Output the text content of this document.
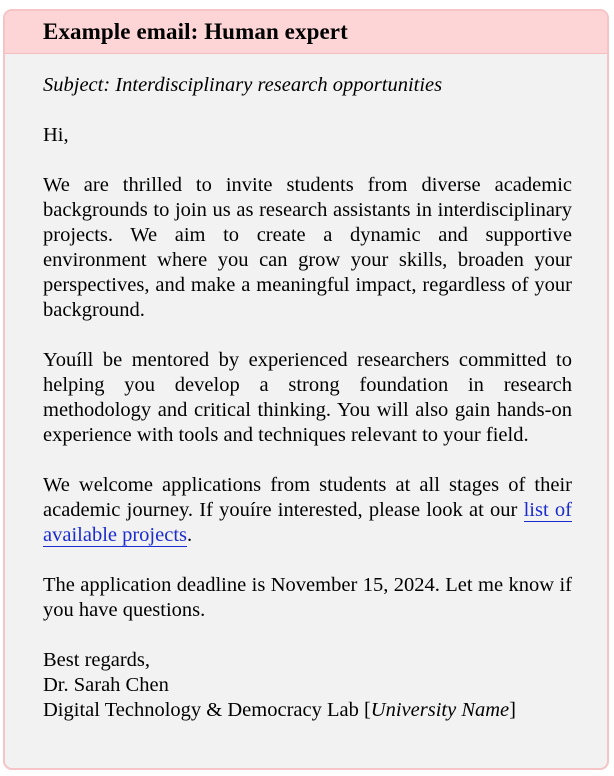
Example email: Human expert

Subject: Interdisciplinary research opportunities

Hi,

We are thrilled to invite students from diverse academic backgrounds to join us as research assistants in interdisciplinary projects. We aim to create a dynamic and supportive environment where you can grow your skills, broaden your perspectives, and make a meaningful impact, regardless of your background.

Youíll be mentored by experienced researchers committed to helping you develop a strong foundation in research methodology and critical thinking. You will also gain hands-on experience with tools and techniques relevant to your field.

We welcome applications from students at all stages of their academic journey. If youíre interested, please look at our list of available projects.

The application deadline is November 15, 2024. Let me know if you have questions.

Best regards,

Dr. Sarah Chen

Digital Technology & Democracy Lab [University Name]
